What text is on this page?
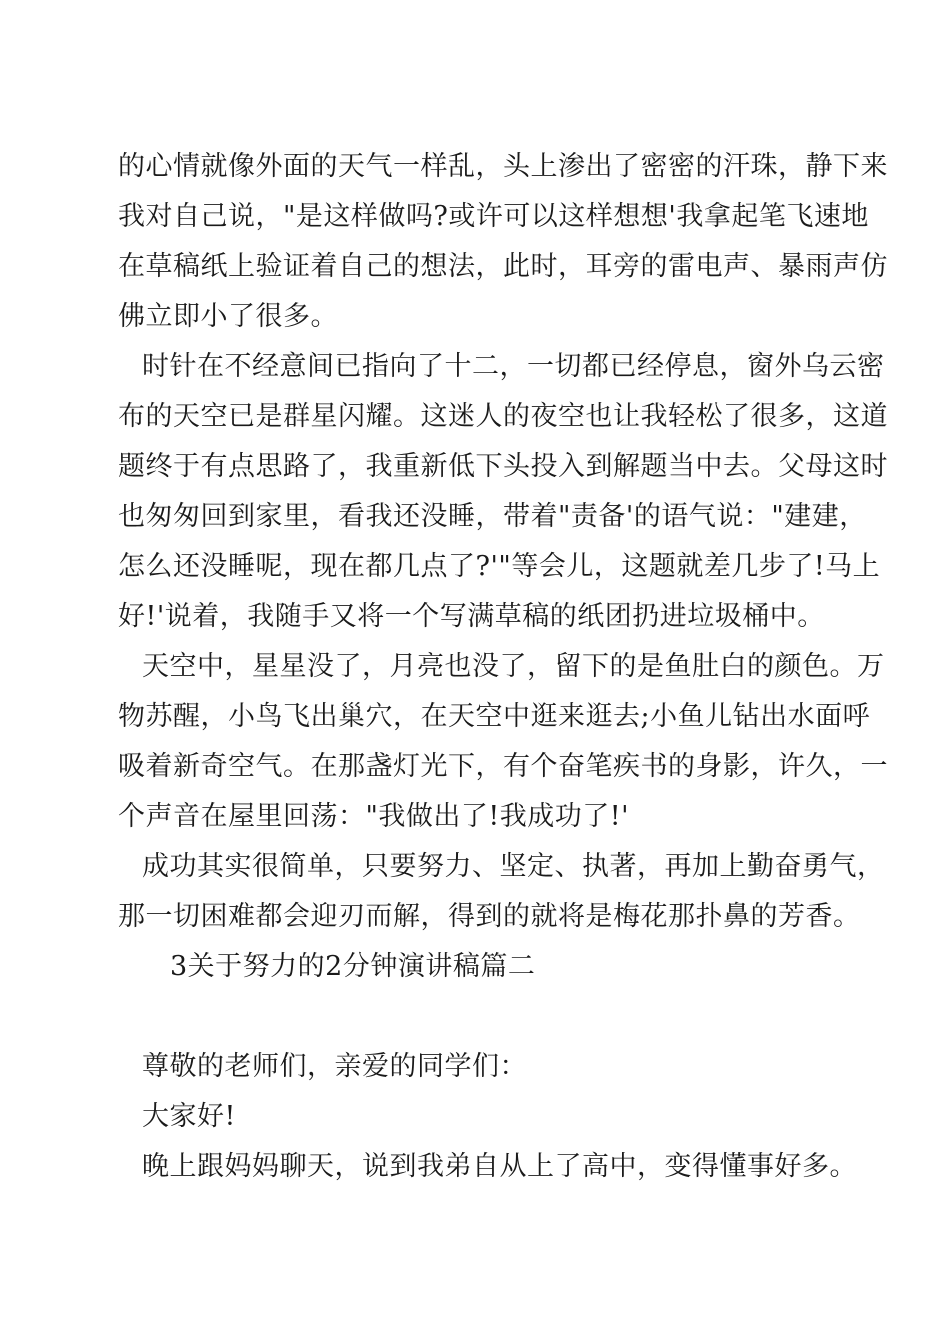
的心情就像外面的天气一样乱，头上渗出了密密的汗珠，静下来
我对自己说，"是这样做吗?或许可以这样想想'我拿起笔飞速地
在草稿纸上验证着自己的想法，此时，耳旁的雷电声、暴雨声仿
佛立即小了很多。
时针在不经意间已指向了十二，一切都已经停息，窗外乌云密
布的天空已是群星闪耀。这迷人的夜空也让我轻松了很多，这道
题终于有点思路了，我重新低下头投入到解题当中去。父母这时
也匆匆回到家里，看我还没睡，带着"责备'的语气说："建建，
怎么还没睡呢，现在都几点了?'"等会儿，这题就差几步了!马上
好!'说着，我随手又将一个写满草稿的纸团扔进垃圾桶中。
天空中，星星没了，月亮也没了，留下的是鱼肚白的颜色。万
物苏醒，小鸟飞出巢穴，在天空中逛来逛去;小鱼儿钻出水面呼
吸着新奇空气。在那盏灯光下，有个奋笔疾书的身影，许久，一
个声音在屋里回荡："我做出了!我成功了!'
成功其实很简单，只要努力、坚定、执著，再加上勤奋勇气，
那一切困难都会迎刃而解，得到的就将是梅花那扑鼻的芳香。
3关于努力的2分钟演讲稿篇二
尊敬的老师们，亲爱的同学们：
大家好!
晚上跟妈妈聊天，说到我弟自从上了高中，变得懂事好多。
